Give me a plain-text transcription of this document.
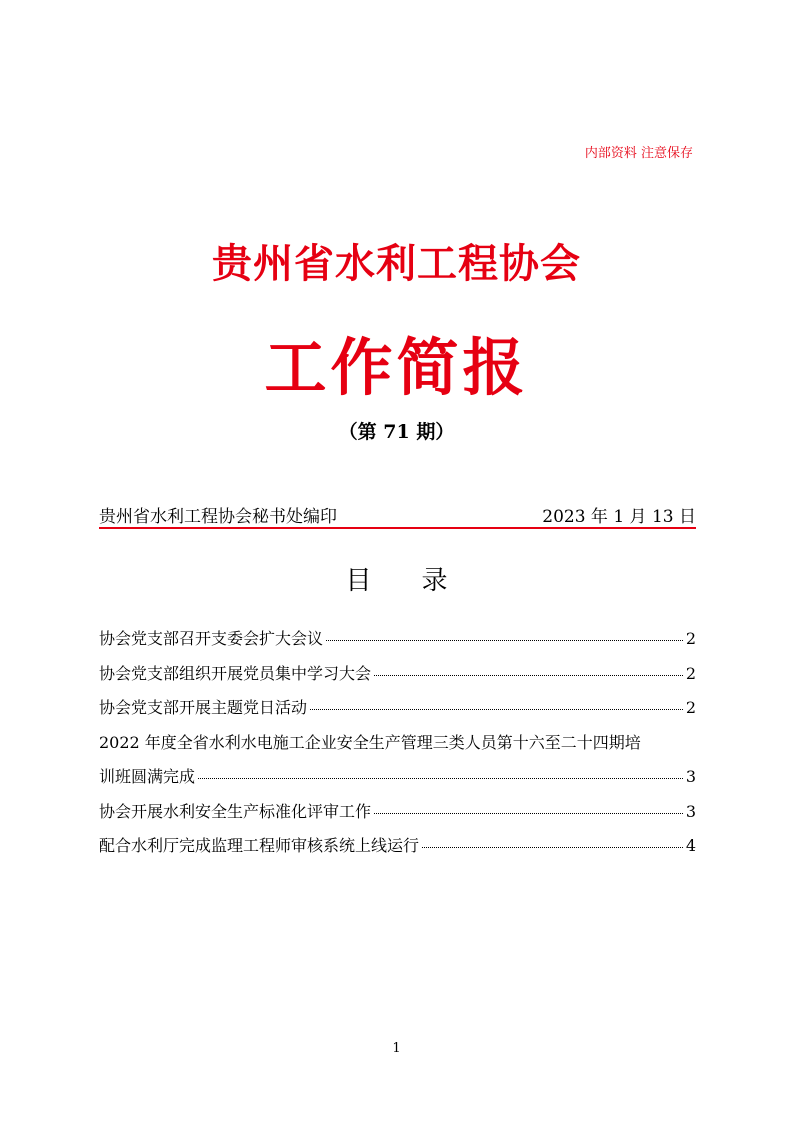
内部资料 注意保存
贵州省水利工程协会
工作简报
（第 71 期）
贵州省水利工程协会秘书处编印	2023 年 1 月 13 日
目录
协会党支部召开支委会扩大会议	2
协会党支部组织开展党员集中学习大会	2
协会党支部开展主题党日活动	2
2022 年度全省水利水电施工企业安全生产管理三类人员第十六至二十四期培
训班圆满完成	3
协会开展水利安全生产标准化评审工作	3
配合水利厅完成监理工程师审核系统上线运行	4
1
